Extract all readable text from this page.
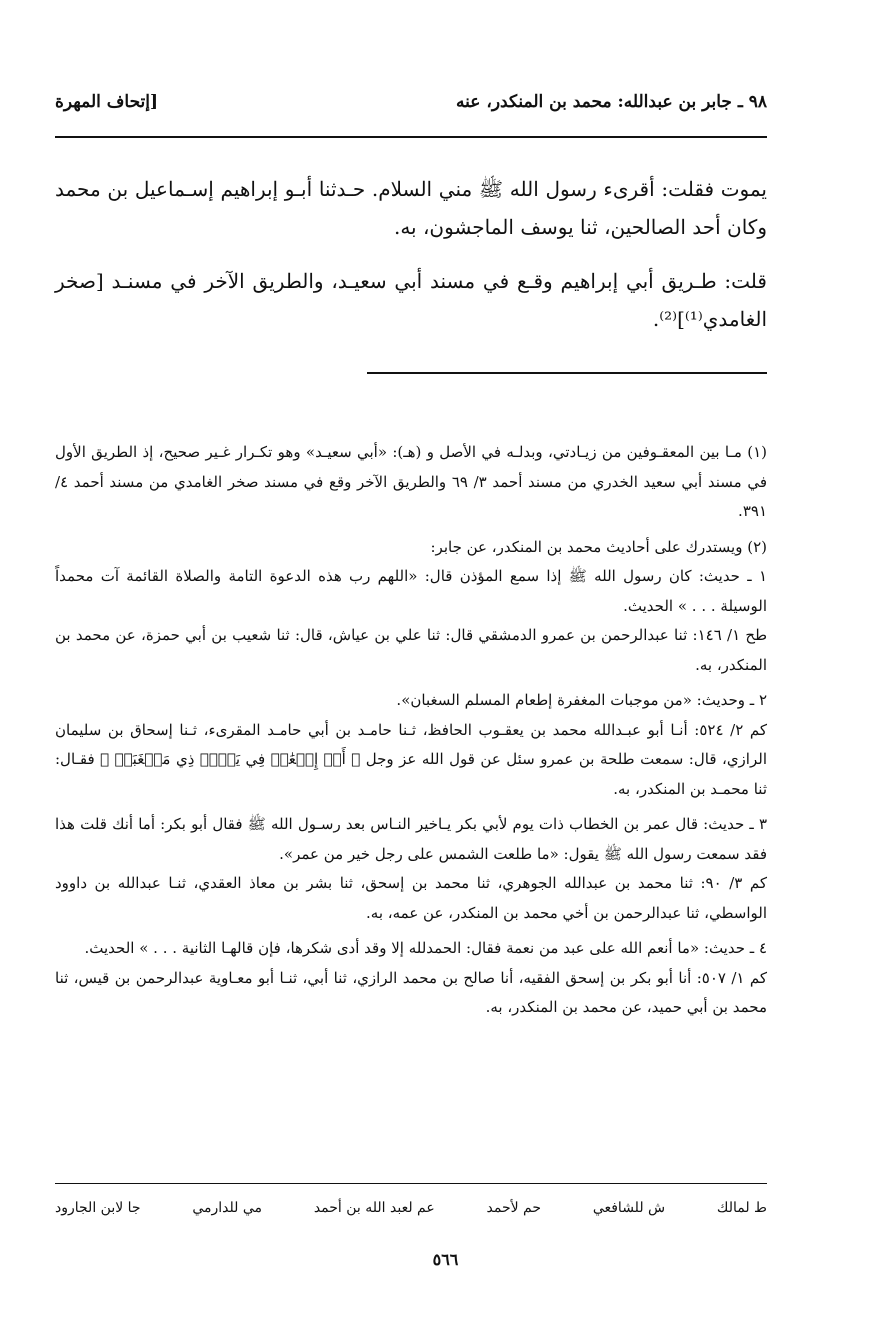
٩٨ ـ جابر بن عبدالله: محمد بن المنكدر، عنه
[إتحاف المهرة

يموت فقلت: أقرىء رسول الله ﷺ مني السلام. حـدثنا أبـو إبراهيم إسـماعيل بن محمد وكان أحد الصالحين، ثنا يوسف الماجشون، به.

قلت: طـريق أبي إبراهيم وقـع في مسند أبي سعيـد، والطريق الآخر في مسنـد [صخر الغامدي⁽¹⁾]⁽²⁾.

(١) مـا بين المعقـوفين من زيـادتي، وبدلـه في الأصل و (هـ): «أبي سعيـد» وهو تكـرار غـير صحيح، إذ الطريق الأول في مسند أبي سعيد الخدري من مسند أحمد ٣/ ٦٩ والطريق الآخر وقع في مسند صخر الغامدي من مسند أحمد ٤/ ٣٩١.

(٢) ويستدرك على أحاديث محمد بن المنكدر، عن جابر:

١ ـ حديث: كان رسول الله ﷺ إذا سمع المؤذن قال: «اللهم رب هذه الدعوة التامة والصلاة القائمة آت محمداً الوسيلة . . . » الحديث.

طح ١/ ١٤٦: ثنا عبدالرحمن بن عمرو الدمشقي قال: ثنا علي بن عياش، قال: ثنا شعيب بن أبي حمزة، عن محمد بن المنكدر، به.

٢ ـ وحديث: «من موجبات المغفرة إطعام المسلم السغبان».

كم ٢/ ٥٢٤: أنـا أبو عبـدالله محمد بن يعقـوب الحافظ، ثـنا حامـد بن أبي حامـد المقرىء، ثـنا إسحاق بن سليمان الرازي، قال: سمعت طلحة بن عمرو سئل عن قول الله عز وجل ﴿ أَوۡ إِطۡعَٰمٞ فِي يَوۡمٖ ذِي مَسۡغَبَةٖ ﴾ فقـال: ثنا محمـد بن المنكدر، به.

٣ ـ حديث: قال عمر بن الخطاب ذات يوم لأبي بكر يـاخير النـاس بعد رسـول الله ﷺ فقال أبو بكر: أما أنك قلت هذا فقد سمعت رسول الله ﷺ يقول: «ما طلعت الشمس على رجل خير من عمر».

كم ٣/ ٩٠: ثنا محمد بن عبدالله الجوهري، ثنا محمد بن إسحق، ثنا بشر بن معاذ العقدي، ثنـا عبدالله بن داوود الواسطي، ثنا عبدالرحمن بن أخي محمد بن المنكدر، عن عمه، به.

٤ ـ حديث: «ما أنعم الله على عبد من نعمة فقال: الحمدلله إلا وقد أدى شكرها، فإن قالهـا الثانية . . . » الحديث.

كم ١/ ٥٠٧: أنا أبو بكر بن إسحق الفقيه، أنا صالح بن محمد الرازي، ثنا أبي، ثنـا أبو معـاوية عبدالرحمن بن قيس، ثنا محمد بن أبي حميد، عن محمد بن المنكدر، به.

ط لمالك
ش للشافعي
حم لأحمد
عم لعبد الله بن أحمد
مي للدارمي
جا لابن الجارود
٥٦٦
